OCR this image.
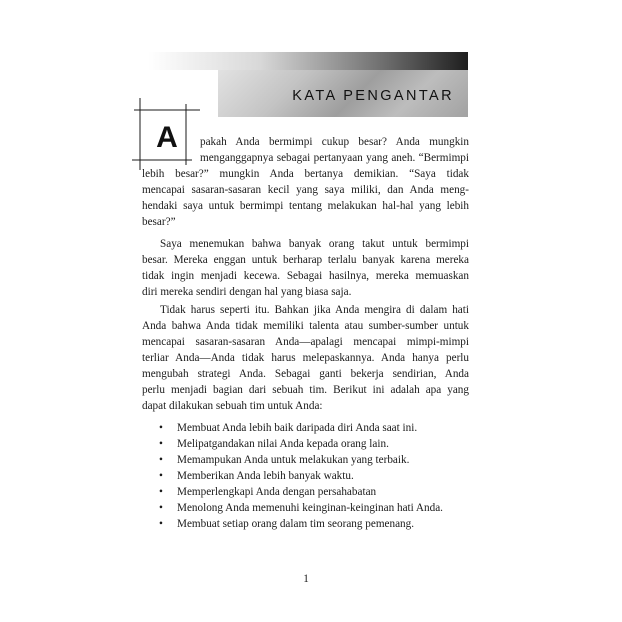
KATA PENGANTAR
A	pakah Anda bermimpi cukup besar? Anda mungkin
menganggapnya sebagai pertanyaan yang aneh. “Bermimpi
lebih besar?” mungkin Anda bertanya demikian. “Saya tidak
mencapai sasaran-sasaran kecil yang saya miliki, dan Anda meng-
hendaki saya untuk bermimpi tentang melakukan hal-hal yang lebih
besar?”
Saya menemukan bahwa banyak orang takut untuk bermimpi
besar. Mereka enggan untuk berharap terlalu banyak karena mereka
tidak ingin menjadi kecewa. Sebagai hasilnya, mereka memuaskan
diri mereka sendiri dengan hal yang biasa saja.
Tidak harus seperti itu. Bahkan jika Anda mengira di dalam hati
Anda bahwa Anda tidak memiliki talenta atau sumber-sumber untuk
mencapai sasaran-sasaran Anda—apalagi mencapai mimpi-mimpi
terliar Anda—Anda tidak harus melepaskannya. Anda hanya perlu
mengubah strategi Anda. Sebagai ganti bekerja sendirian, Anda
perlu menjadi bagian dari sebuah tim. Berikut ini adalah apa yang
dapat dilakukan sebuah tim untuk Anda:
• Membuat Anda lebih baik daripada diri Anda saat ini.
• Melipatgandakan nilai Anda kepada orang lain.
• Memampukan Anda untuk melakukan yang terbaik.
• Memberikan Anda lebih banyak waktu.
• Memperlengkapi Anda dengan persahabatan
• Menolong Anda memenuhi keinginan-keinginan hati Anda.
• Membuat setiap orang dalam tim seorang pemenang.
1
